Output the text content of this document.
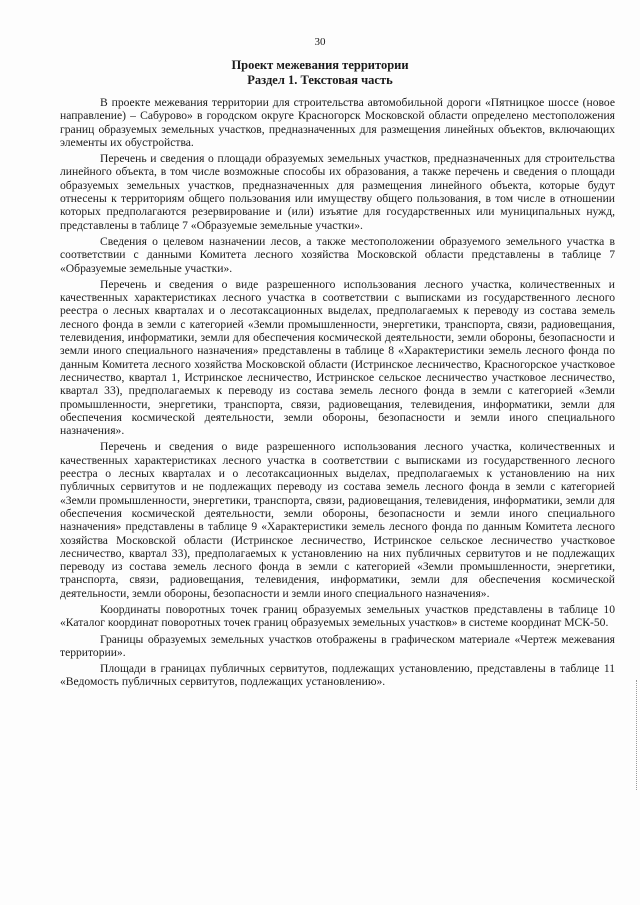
30
Проект межевания территории
Раздел 1. Текстовая часть

В проекте межевания территории для строительства автомобильной дороги «Пятницкое шоссе (новое направление) – Сабурово» в городском округе Красногорск Московской области определено местоположения границ образуемых земельных участков, предназначенных для размещения линейных объектов, включающих элементы их обустройства.

Перечень и сведения о площади образуемых земельных участков, предназначенных для строительства линейного объекта, в том числе возможные способы их образования, а также перечень и сведения о площади образуемых земельных участков, предназначенных для размещения линейного объекта, которые будут отнесены к территориям общего пользования или имуществу общего пользования, в том числе в отношении которых предполагаются резервирование и (или) изъятие для государственных или муниципальных нужд, представлены в таблице 7 «Образуемые земельные участки».

Сведения о целевом назначении лесов, а также местоположении образуемого земельного участка в соответствии с данными Комитета лесного хозяйства Московской области представлены в таблице 7 «Образуемые земельные участки».

Перечень и сведения о виде разрешенного использования лесного участка, количественных и качественных характеристиках лесного участка в соответствии с выписками из государственного лесного реестра о лесных кварталах и о лесотаксационных выделах, предполагаемых к переводу из состава земель лесного фонда в земли с категорией «Земли промышленности, энергетики, транспорта, связи, радиовещания, телевидения, информатики, земли для обеспечения космической деятельности, земли обороны, безопасности и земли иного специального назначения» представлены в таблице 8 «Характеристики земель лесного фонда по данным Комитета лесного хозяйства Московской области (Истринское лесничество, Красногорское участковое лесничество, квартал 1, Истринское лесничество, Истринское сельское лесничество участковое лесничество, квартал 33), предполагаемых к переводу из состава земель лесного фонда в земли с категорией «Земли промышленности, энергетики, транспорта, связи, радиовещания, телевидения, информатики, земли для обеспечения космической деятельности, земли обороны, безопасности и земли иного специального назначения».

Перечень и сведения о виде разрешенного использования лесного участка, количественных и качественных характеристиках лесного участка в соответствии с выписками из государственного лесного реестра о лесных кварталах и о лесотаксационных выделах, предполагаемых к установлению на них публичных сервитутов и не подлежащих переводу из состава земель лесного фонда в земли с категорией «Земли промышленности, энергетики, транспорта, связи, радиовещания, телевидения, информатики, земли для обеспечения космической деятельности, земли обороны, безопасности и земли иного специального назначения» представлены в таблице 9 «Характеристики земель лесного фонда по данным Комитета лесного хозяйства Московской области (Истринское лесничество, Истринское сельское лесничество участковое лесничество, квартал 33), предполагаемых к установлению на них публичных сервитутов и не подлежащих переводу из состава земель лесного фонда в земли с категорией «Земли промышленности, энергетики, транспорта, связи, радиовещания, телевидения, информатики, земли для обеспечения космической деятельности, земли обороны, безопасности и земли иного специального назначения».

Координаты поворотных точек границ образуемых земельных участков представлены в таблице 10 «Каталог координат поворотных точек границ образуемых земельных участков» в системе координат МСК-50.

Границы образуемых земельных участков отображены в графическом материале «Чертеж межевания территории».

Площади в границах публичных сервитутов, подлежащих установлению, представлены в таблице 11 «Ведомость публичных сервитутов, подлежащих установлению».
